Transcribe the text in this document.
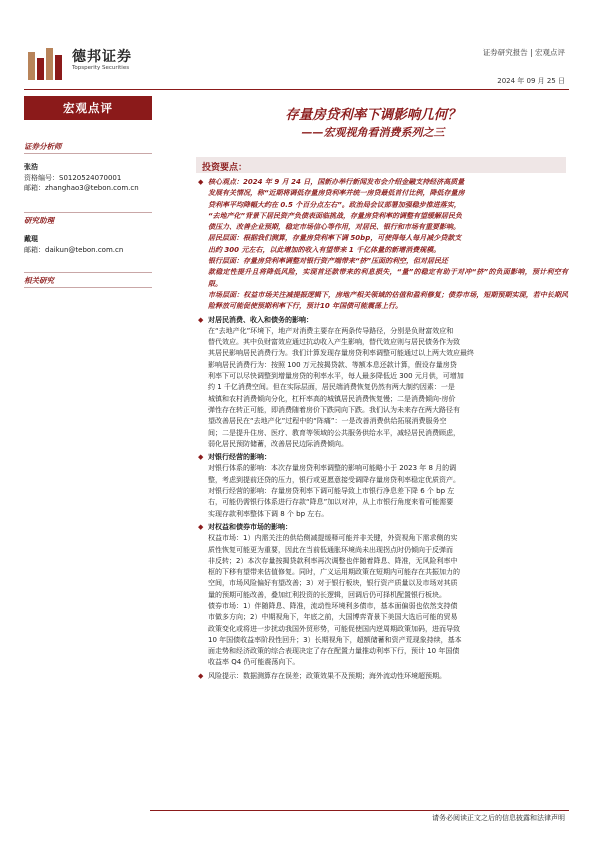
德邦证券
Topsperity Securities
证券研究报告 | 宏观点评
2024 年 09 月 25 日
宏观点评	存量房贷利率下调影响几何？
——宏观视角看消费系列之三
证券分析师
张浩
资格编号：S0120524070001
邮箱：zhanghao3@tebon.com.cn
研究助理
戴琨
邮箱：daikun@tebon.com.cn
相关研究
投资要点：
◆ 核心观点：2024 年 9 月 24 日，国新办举行新闻发布会介绍金融支持经济高质量

发展有关情况，称“近期将调低存量房贷利率并统一房贷最低首付比例，降低存量房

贷利率平均降幅大约在 0.5 个百分点左右”。政治局会议部署加强稳步推进落实，

“去地产化”背景下居民资产负债表面临挑战，存量房贷利率的调整有望缓解居民负

债压力、改善企业预期，稳定市场信心等作用，对居民、银行和市场有重要影响。

居民层面：根据我们测算，存量房贷利率下调 50bp，可使得每人每月减少贷款支

出约 300 元左右，以此增加的收入有望带来 1 千亿体量的新增消费规模。

银行层面：存量房贷利率调整对银行资产端带来“挤”压面的利空，但对居民还

款稳定性提升且将降低风险，实现首还款带来的利息损失，“量”的稳定有助于对冲“挤”的负面影响，预计利空有限。

市场层面：权益市场关注减提振逻辑下，房地产相关领域的估值和盈利修复；债券市场，短期预期实现，若中长期风险释放可能促使预期利率下行，预计10 年国债可能震荡上行。

◆ 对居民消费、收入和债务的影响：

在“去地产化”环境下，地产对消费主要存在两条传导路径，分别是负财富效应和

替代效应。其中负财富效应通过抗动收入产生影响，替代效应则与居民债务作为致

其居民影响居民消费行为。我们计算发现存量房贷利率调整可能通过以上两大效应最终

影响居民消费行为：按照 100 万元按揭贷款、等额本息还款计算，假设存量房贷

利率下可以尽快调整到增量房贷的利率水平，每人最多降低近 300 元月供，可增加

约 1 千亿消费空间。但在实际层面，居民端消费恢复仍然有两大制约因素：一是

城镇和农村消费倾向分化，杠杆率高的城镇居民消费恢复慢；二是消费倾向-房价

弹性存在转正可能，即消费随着房价下跌同向下跌。我们认为未来存在两大路径有

望改善居民在“去地产化”过程中的“阵痛”：一是改善消费供给拓展消费服务空

间；二是提升住房、医疗、教育等领域的公共服务供给水平，减轻居民消费顾虑，

弱化居民预防储蓄，改善居民边际消费倾向。

◆ 对银行经营的影响：

对银行体系的影响：本次存量房贷利率调整的影响可能略小于 2023 年 8 月的调

整，考虑到提前还贷的压力，银行或更愿意接受调降存量房贷利率稳定优质资产。

对银行经营的影响：存量房贷利率下调可能导致上市银行净息差下降 6 个 bp 左

右，可能仍需银行体系进行存款“降息”加以对冲，从上市银行角度来看可能需要

实现存款利率整体下调 8 个 bp 左右。

◆ 对权益和债券市场的影响：

权益市场：1）内需关注的供给侧减提缓释可能并非关键，外资视角下需求侧的实

质性恢复可能更为重要，因此在当前低通胀环境尚未出现拐点时仍倾向于反弹而

非反转；2）本次存量按揭贷款利率再次调整也伴随着降息、降准，无风险利率中

枢的下移有望带来估值修复。同时，广义运用期政策在短期内可能存在共振加力的

空间，市场风险偏好有望改善；3）对于银行板块，银行资产质量以及市场对其质

量的预期可能改善，叠加红利投资的长逻辑，回调后仍可择机配置银行板块。

债券市场：1）伴随降息、降准，流动性环境利多债市，基本面偏弱也依然支持债

市做多方向；2）中期视角下，年底之前，大国博弈背景下美国大选后可能的贸易

政策变化或将进一步扰动我国外贸形势，可能促使国内逆周期政策加码，进而导致

10 年国债收益率阶段性回升；3）长期视角下，超额储蓄和资产荒现象持续，基本

面走势和经济政策的综合表现决定了存在配置力量推动利率下行，预计 10 年国债

收益率 Q4 仍可能震荡向下。

◆ 风险提示：数据测算存在误差；政策效果不及预期；海外流动性环境超预期。
请务必阅读正文之后的信息披露和法律声明
